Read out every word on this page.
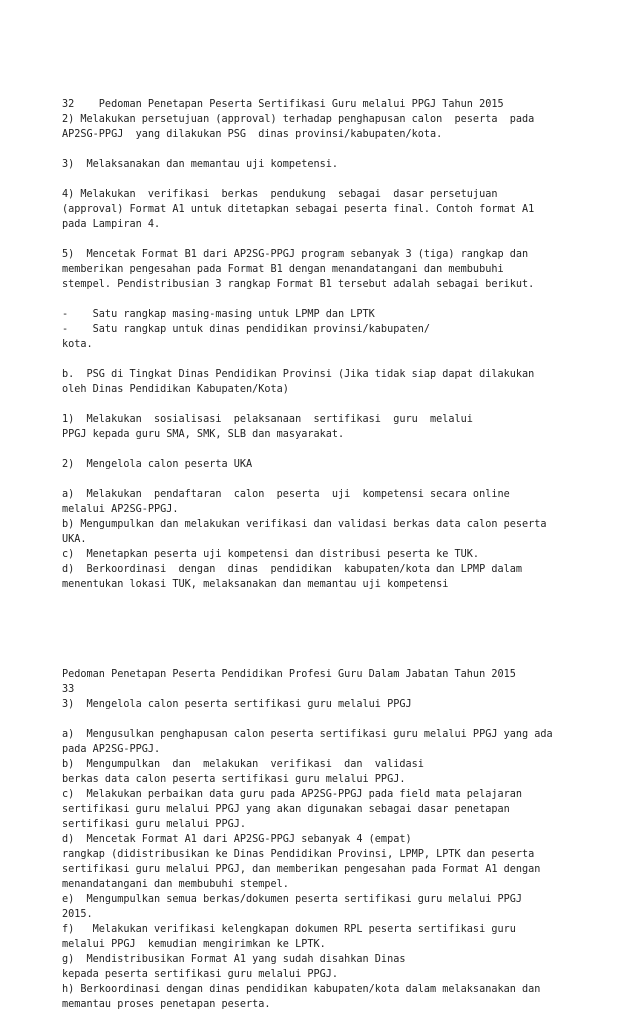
32    Pedoman Penetapan Peserta Sertifikasi Guru melalui PPGJ Tahun 2015
2) Melakukan persetujuan (approval) terhadap penghapusan calon  peserta  pada
AP2SG-PPGJ  yang dilakukan PSG  dinas provinsi/kabupaten/kota.
3)  Melaksanakan dan memantau uji kompetensi.
4) Melakukan  verifikasi  berkas  pendukung  sebagai  dasar persetujuan
(approval) Format A1 untuk ditetapkan sebagai peserta final. Contoh format A1
pada Lampiran 4.
5)  Mencetak Format B1 dari AP2SG-PPGJ program sebanyak 3 (tiga) rangkap dan
memberikan pengesahan pada Format B1 dengan menandatangani dan membubuhi
stempel. Pendistribusian 3 rangkap Format B1 tersebut adalah sebagai berikut.
-    Satu rangkap masing-masing untuk LPMP dan LPTK
-    Satu rangkap untuk dinas pendidikan provinsi/kabupaten/
kota.
b.  PSG di Tingkat Dinas Pendidikan Provinsi (Jika tidak siap dapat dilakukan
oleh Dinas Pendidikan Kabupaten/Kota)
1)  Melakukan  sosialisasi  pelaksanaan  sertifikasi  guru  melalui
PPGJ kepada guru SMA, SMK, SLB dan masyarakat.
2)  Mengelola calon peserta UKA
a)  Melakukan  pendaftaran  calon  peserta  uji  kompetensi secara online
melalui AP2SG-PPGJ.
b) Mengumpulkan dan melakukan verifikasi dan validasi berkas data calon peserta
UKA.
c)  Menetapkan peserta uji kompetensi dan distribusi peserta ke TUK.
d)  Berkoordinasi  dengan  dinas  pendidikan  kabupaten/kota dan LPMP dalam
menentukan lokasi TUK, melaksanakan dan memantau uji kompetensi
Pedoman Penetapan Peserta Pendidikan Profesi Guru Dalam Jabatan Tahun 2015
33
3)  Mengelola calon peserta sertifikasi guru melalui PPGJ
a)  Mengusulkan penghapusan calon peserta sertifikasi guru melalui PPGJ yang ada
pada AP2SG-PPGJ.
b)  Mengumpulkan  dan  melakukan  verifikasi  dan  validasi
berkas data calon peserta sertifikasi guru melalui PPGJ.
c)  Melakukan perbaikan data guru pada AP2SG-PPGJ pada field mata pelajaran
sertifikasi guru melalui PPGJ yang akan digunakan sebagai dasar penetapan
sertifikasi guru melalui PPGJ.
d)  Mencetak Format A1 dari AP2SG-PPGJ sebanyak 4 (empat)
rangkap (didistribusikan ke Dinas Pendidikan Provinsi, LPMP, LPTK dan peserta
sertifikasi guru melalui PPGJ, dan memberikan pengesahan pada Format A1 dengan
menandatangani dan membubuhi stempel.
e)  Mengumpulkan semua berkas/dokumen peserta sertifikasi guru melalui PPGJ
2015.
f)   Melakukan verifikasi kelengkapan dokumen RPL peserta sertifikasi guru
melalui PPGJ  kemudian mengirimkan ke LPTK.
g)  Mendistribusikan Format A1 yang sudah disahkan Dinas
kepada peserta sertifikasi guru melalui PPGJ.
h) Berkoordinasi dengan dinas pendidikan kabupaten/kota dalam melaksanakan dan
memantau proses penetapan peserta.
